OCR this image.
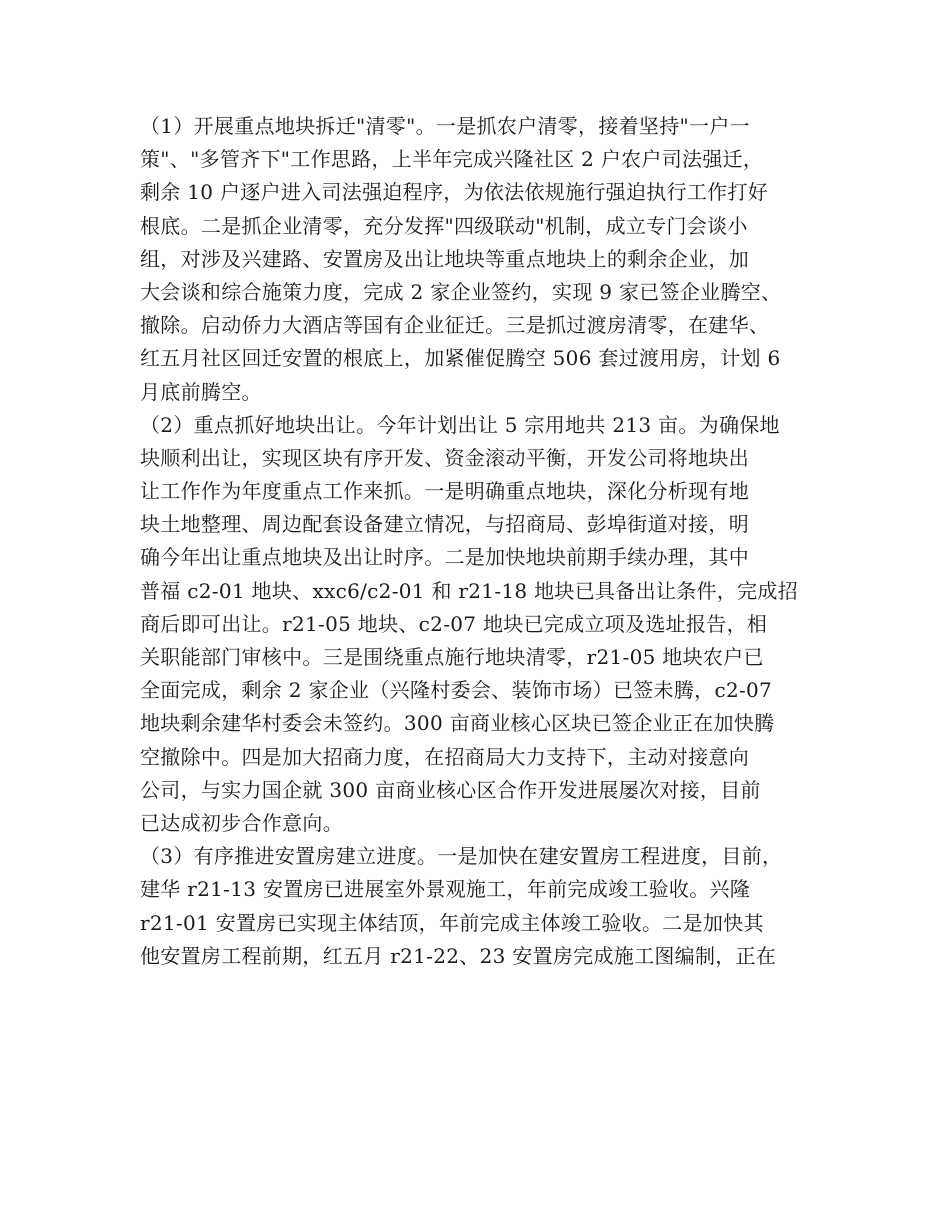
（1）开展重点地块拆迁"清零"。一是抓农户清零，接着坚持"一户一
策"、"多管齐下"工作思路，上半年完成兴隆社区 2 户农户司法强迁，
剩余 10 户逐户进入司法强迫程序，为依法依规施行强迫执行工作打好
根底。二是抓企业清零，充分发挥"四级联动"机制，成立专门会谈小
组，对涉及兴建路、安置房及出让地块等重点地块上的剩余企业，加
大会谈和综合施策力度，完成 2 家企业签约，实现 9 家已签企业腾空、
撤除。启动侨力大酒店等国有企业征迁。三是抓过渡房清零，在建华、
红五月社区回迁安置的根底上，加紧催促腾空 506 套过渡用房，计划 6
月底前腾空。
（2）重点抓好地块出让。今年计划出让 5 宗用地共 213 亩。为确保地
块顺利出让，实现区块有序开发、资金滚动平衡，开发公司将地块出
让工作作为年度重点工作来抓。一是明确重点地块，深化分析现有地
块土地整理、周边配套设备建立情况，与招商局、彭埠街道对接，明
确今年出让重点地块及出让时序。二是加快地块前期手续办理，其中
普福 c2-01 地块、xxc6/c2-01 和 r21-18 地块已具备出让条件，完成招
商后即可出让。r21-05 地块、c2-07 地块已完成立项及选址报告，相
关职能部门审核中。三是围绕重点施行地块清零，r21-05 地块农户已
全面完成，剩余 2 家企业（兴隆村委会、装饰市场）已签未腾，c2-07
地块剩余建华村委会未签约。300 亩商业核心区块已签企业正在加快腾
空撤除中。四是加大招商力度，在招商局大力支持下，主动对接意向
公司，与实力国企就 300 亩商业核心区合作开发进展屡次对接，目前
已达成初步合作意向。
（3）有序推进安置房建立进度。一是加快在建安置房工程进度，目前，
建华 r21-13 安置房已进展室外景观施工，年前完成竣工验收。兴隆
r21-01 安置房已实现主体结顶，年前完成主体竣工验收。二是加快其
他安置房工程前期，红五月 r21-22、23 安置房完成施工图编制，正在
